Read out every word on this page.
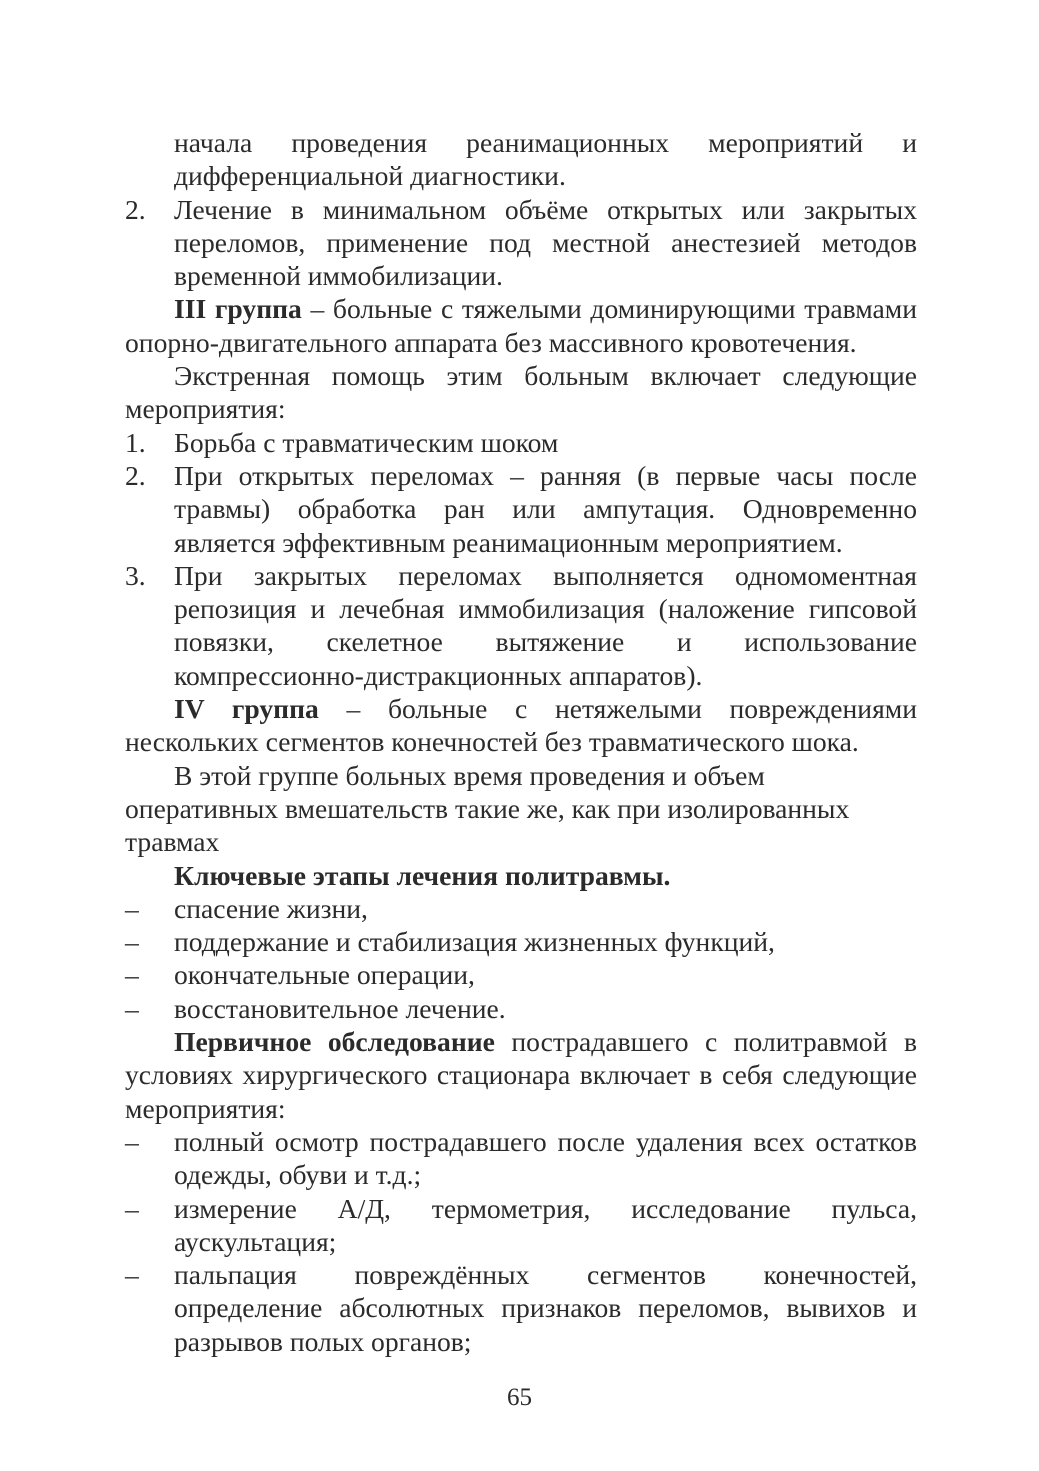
начала проведения реанимационных мероприятий и дифференциальной диагностики.

2. Лечение в минимальном объёме открытых или закрытых переломов, применение под местной анестезией методов временной иммобилизации.

III группа – больные с тяжелыми доминирующими травмами опорно-двигательного аппарата без массивного кровотечения.

Экстренная помощь этим больным включает следующие мероприятия:

1. Борьба с травматическим шоком

2. При открытых переломах – ранняя (в первые часы после травмы) обработка ран или ампутация. Одновременно является эффективным реанимационным мероприятием.

3. При закрытых переломах выполняется одномоментная репозиция и лечебная иммобилизация (наложение гипсовой повязки, скелетное вытяжение и использование компрессионно-дистракционных аппаратов).

IV группа – больные с нетяжелыми повреждениями нескольких сегментов конечностей без травматического шока.

В этой группе больных время проведения и объем оперативных вмешательств такие же, как при изолированных травмах

Ключевые этапы лечения политравмы.

– спасение жизни,

– поддержание и стабилизация жизненных функций,

– окончательные операции,

– восстановительное лечение.

Первичное обследование пострадавшего с политравмой в условиях хирургического стационара включает в себя следующие мероприятия:

– полный осмотр пострадавшего после удаления всех остатков одежды, обуви и т.д.;

– измерение А/Д, термометрия, исследование пульса, аускультация;

– пальпация повреждённых сегментов конечностей, определение абсолютных признаков переломов, вывихов и разрывов полых органов;

65
